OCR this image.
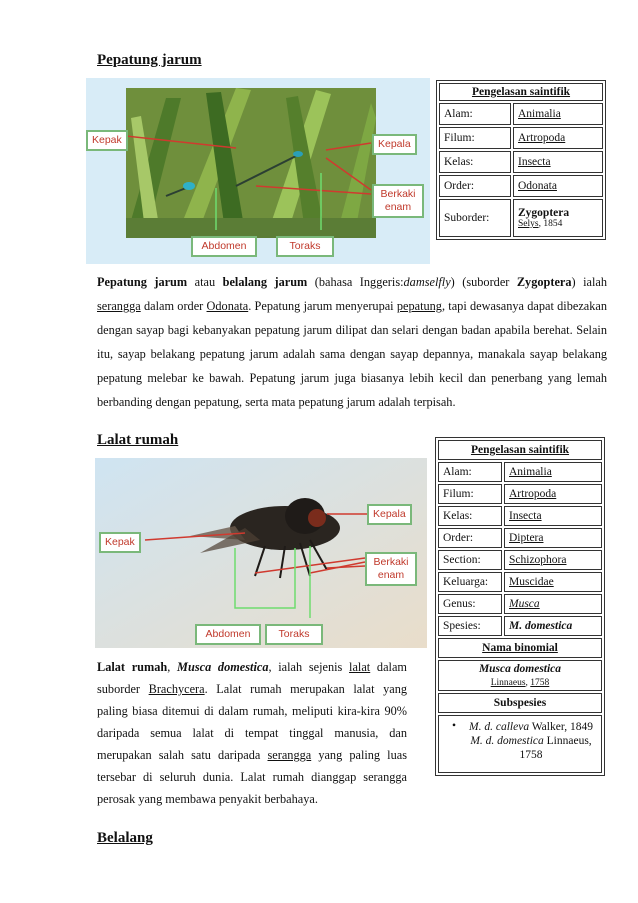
Pepatung jarum
Kepak	Kepala
Berkaki enam
Abdomen	Toraks
Pengelasan saintifik	
Alam:	Animalia
Filum:	Artropoda
Kelas:	Insecta
Order:	Odonata
Suborder:	Zygoptera
Selys, 1854
Pepatung jarum atau belalang jarum (bahasa Inggeris:damselfly) (suborder Zygoptera) ialah serangga dalam order Odonata. Pepatung jarum menyerupai pepatung, tapi dewasanya dapat dibezakan dengan sayap bagi kebanyakan pepatung jarum dilipat dan selari dengan badan apabila berehat. Selain itu, sayap belakang pepatung jarum adalah sama dengan sayap depannya, manakala sayap belakang pepatung melebar ke bawah. Pepatung jarum juga biasanya lebih kecil dan penerbang yang lemah berbanding dengan pepatung, serta mata pepatung jarum adalah terpisah.
Lalat rumah
Kepak
Kepala
Berkaki enam
Abdomen	Toraks
Pengelasan saintifik	
Alam:	Animalia
Filum:	Artropoda
Kelas:	Insecta
Order:	Diptera
Section:	Schizophora
Keluarga:	Muscidae
Genus:	Musca
Spesies:	M. domestica
Nama binomial	

Musca domestica
Linnaeus, 1758	

Subspesies	

• M. d. calleva Walker, 1849 M. d. domestica Linnaeus, 1758	
Lalat rumah, Musca domestica, ialah sejenis lalat dalam suborder Brachycera. Lalat rumah merupakan lalat yang paling biasa ditemui di dalam rumah, meliputi kira-kira 90% daripada semua lalat di tempat tinggal manusia, dan merupakan salah satu daripada serangga yang paling luas tersebar di seluruh dunia. Lalat rumah dianggap serangga perosak yang membawa penyakit berbahaya.
Belalang
